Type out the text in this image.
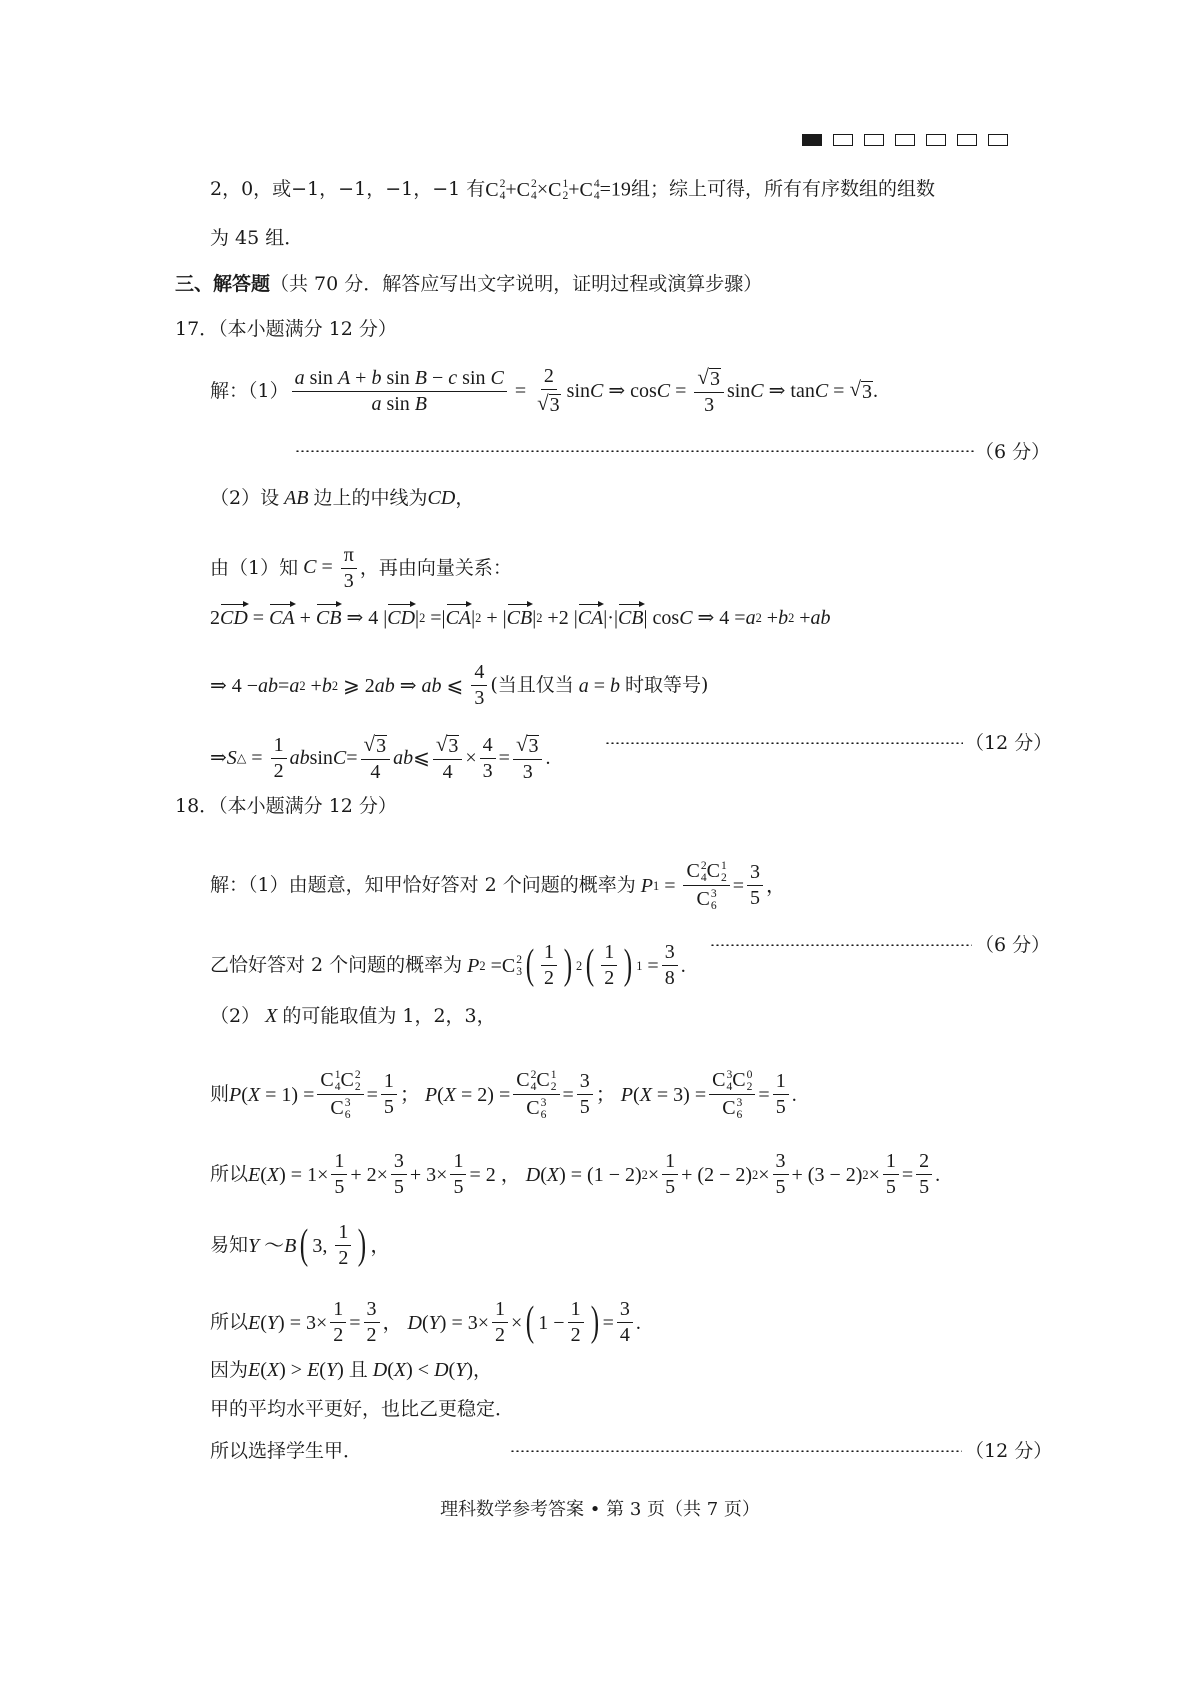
2，0，或−1，−1，−1，−1 有 C 2
4 + C 2
4 × C 1
2 + C 4
4 =19 组；综上可得，所有有序数组的组数
为 45 组．
三、解答题 （共 70 分．解答应写出文字说明，证明过程或演算步骤）
17．（本小题满分 12 分）
解：$(1) \frac{\text{a sin A + b sin B − c sin C}}{\text{a sin B}} = \frac{2}{√ 3}$ sin C ⇒ $\cos C = \frac{√ 3}{3}$ sin C ⇒ tan C = √ 3 .
（6 分）
（2）设 AB 边上的中线为 CD ，
由（1）知 $C = \frac{\pi}{3}$ ，再由向量关系：
2 CD = CA + CB ⇒ 4 | CD | 2 =| CA | 2 + | CB | 2 +2 | CA |·| CB | cos C ⇒ 4 = a 2 + b 2 + ab
⇒ 4 − ab = a 2 + b 2 ⩾ 2 ab ⇒ ab ⩽ $\frac{4}{3}$ (当且仅当 a = b 时取等号)
⇒ S △ = $\frac{1}{2}$ ab $\sin C = \frac{√ 3}{4}$ ab ⩽ $\frac{√ 3}{4} \times \frac{4}{3} = \frac{√ 3}{3}$ .
（12 分）
18．（本小题满分 12 分）
解：（1）由题意，知甲恰好答对 2 个问题的概率为
P 1 = C 2
4 C 1
2
C 3
$6 = \frac{3}{5}$ ，
乙恰好答对 2 个问题的概率为
P 2 = C 2
3 ( $\frac{1}{2}$ ) 2 ( $\frac{1}{2}$ ) $1 = \frac{3}{8}$ .
（6 分）
（2） X 的可能取值为 1，2，3，
则 P ( X = 1) = C 1
4 C 2
2
C 3
$6 = \frac{1}{5}$ ； P ( X = 2) = C 2
4 C 1
2
C 3
$6 = \frac{3}{5}$ ； P ( X = 3) = C 3
4 C 0
2
C 3
$6 = \frac{1}{5}$ .
所以 E ( X ) = $1\times \frac{1}{5} + 2\times \frac{3}{5} + 3\times \frac{1}{5} = 2$ ， D ( X ) = (1 − 2) $2 \times \frac{1}{5} + (2 - 2) 2 \times \frac{3}{5} + (3 - 2) 2 \times \frac{1}{5} = \frac{2}{5}$ .
易知 Y ～ B ( 3, $\frac{1}{2}$ ) ，
所以 E ( Y ) = $3\times \frac{1}{2} = \frac{3}{2}$ ， D ( Y ) = $3\times \frac{1}{2}$ × ( $1 - \frac{1}{2}$ ) = $\frac{3}{4}$ .
因为 E(X) > E(Y) 且 D(X) < D(Y) ，
甲的平均水平更好，也比乙更稳定．
所以选择学生甲．	（12 分）
理科数学参考答案 • 第 3 页（共 7 页）
